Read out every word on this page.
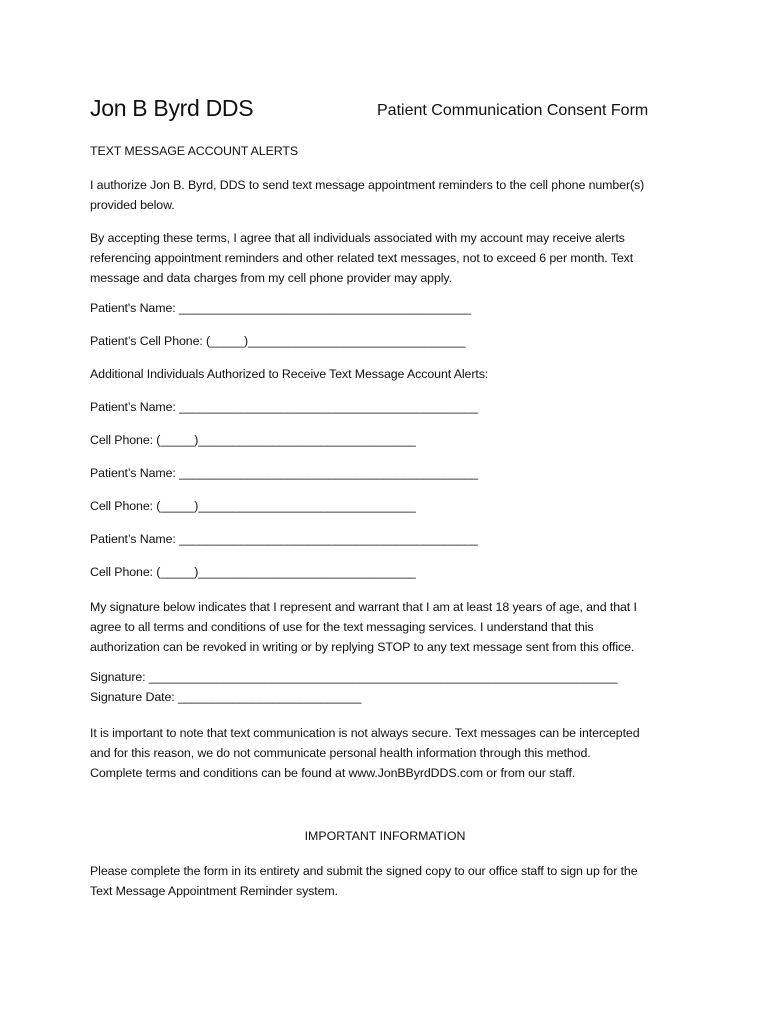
Jon B Byrd DDS	Patient Communication Consent Form
TEXT MESSAGE ACCOUNT ALERTS
I authorize Jon B. Byrd, DDS to send text message appointment reminders to the cell phone number(s)
provided below.
By accepting these terms, I agree that all individuals associated with my account may receive alerts
referencing appointment reminders and other related text messages, not to exceed 6 per month. Text
message and data charges from my cell phone provider may apply.
Patient's Name: ___________________________________________
Patient’s Cell Phone: (_____)________________________________
Additional Individuals Authorized to Receive Text Message Account Alerts:
Patient’s Name: ____________________________________________
Cell Phone: (_____)________________________________
Patient’s Name: ____________________________________________
Cell Phone: (_____)________________________________
Patient’s Name: ____________________________________________
Cell Phone: (_____)________________________________
My signature below indicates that I represent and warrant that I am at least 18 years of age, and that I
agree to all terms and conditions of use for the text messaging services. I understand that this
authorization can be revoked in writing or by replying STOP to any text message sent from this office.
Signature: _____________________________________________________________________
Signature Date: ___________________________
It is important to note that text communication is not always secure. Text messages can be intercepted
and for this reason, we do not communicate personal health information through this method.
Complete terms and conditions can be found at www.JonBByrdDDS.com or from our staff.
IMPORTANT INFORMATION
Please complete the form in its entirety and submit the signed copy to our office staff to sign up for the
Text Message Appointment Reminder system.
